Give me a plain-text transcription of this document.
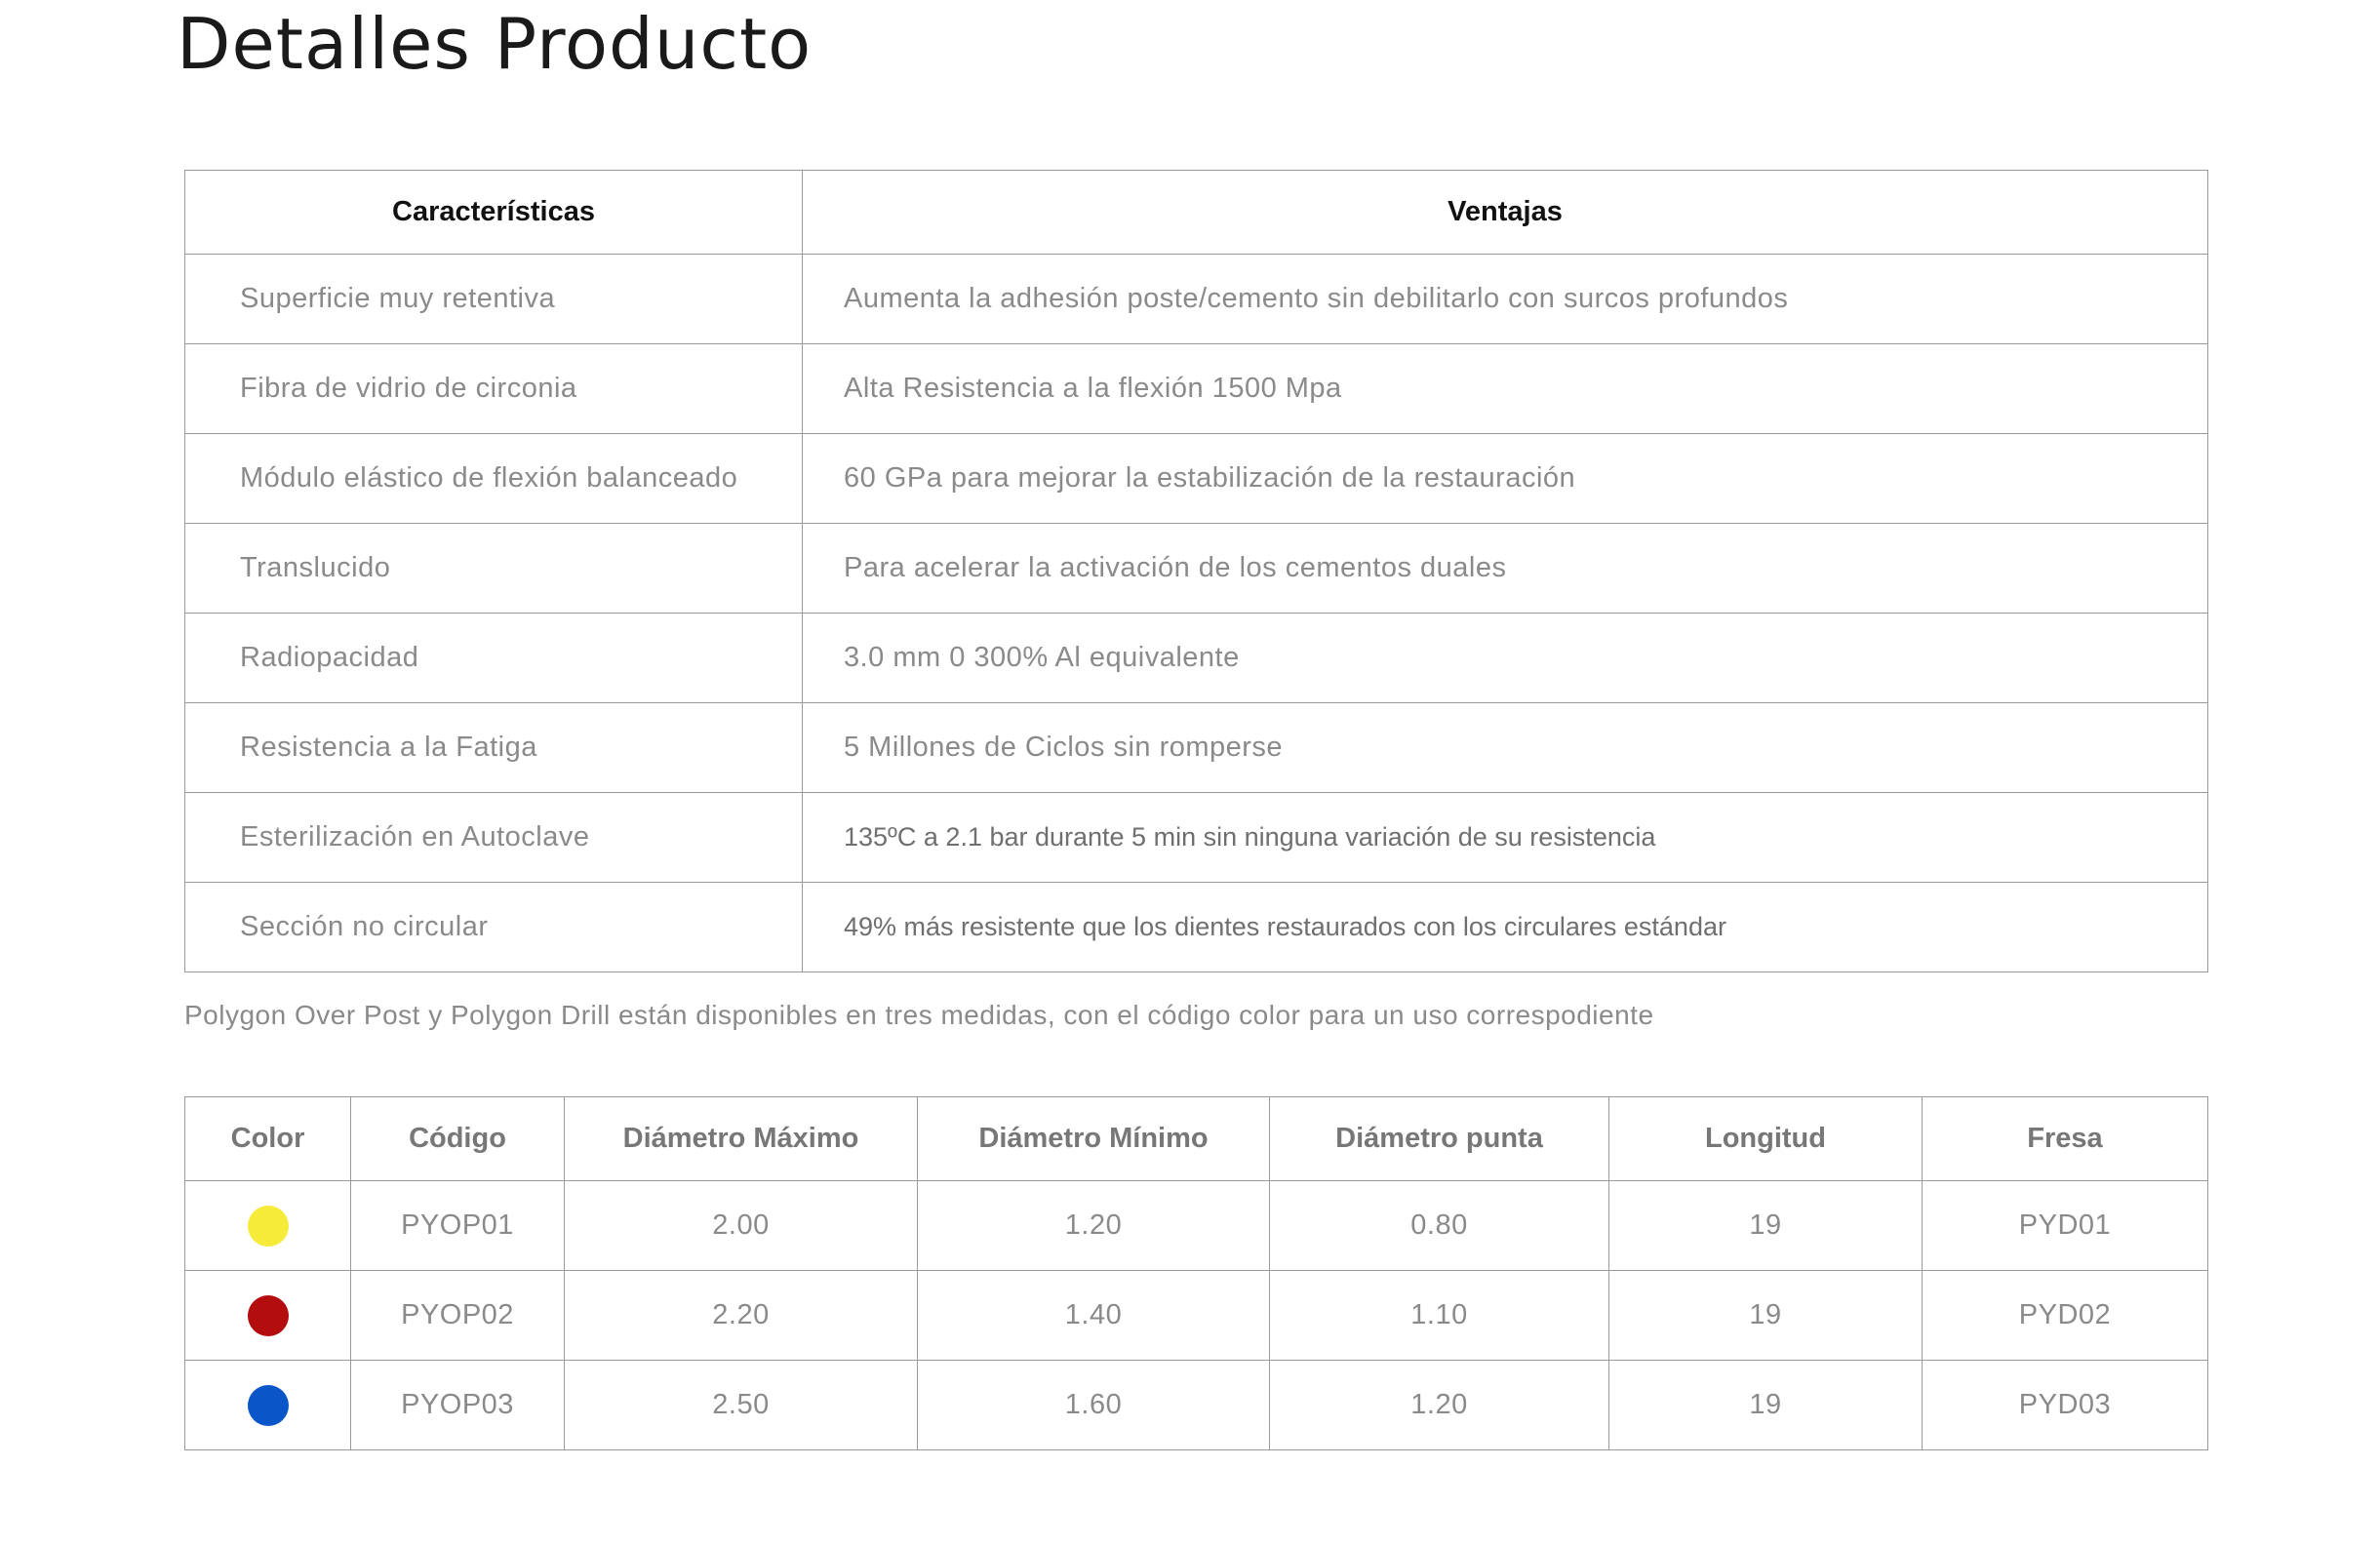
Detalles Producto
Características	Ventajas
Superficie muy retentiva	Aumenta la adhesión poste/cemento sin debilitarlo con surcos profundos
Fibra de vidrio de circonia	Alta Resistencia a la flexión 1500 Mpa
Módulo elástico de flexión balanceado	60 GPa para mejorar la estabilización de la restauración
Translucido	Para acelerar la activación de los cementos duales
Radiopacidad	3.0 mm 0 300% Al equivalente
Resistencia a la Fatiga	5 Millones de Ciclos sin romperse
Esterilización en Autoclave	135ºC a 2.1 bar durante 5 min sin ninguna variación de su resistencia
Sección no circular	49% más resistente que los dientes restaurados con los circulares estándar

Polygon Over Post y Polygon Drill están disponibles en tres medidas, con el código color para un uso correspodiente

Color	Código	Diámetro Máximo	Diámetro Mínimo	Diámetro punta	Longitud	Fresa
	PYOP01	2.00	1.20	0.80	19	PYD01
	PYOP02	2.20	1.40	1.10	19	PYD02
	PYOP03	2.50	1.60	1.20	19	PYD03
